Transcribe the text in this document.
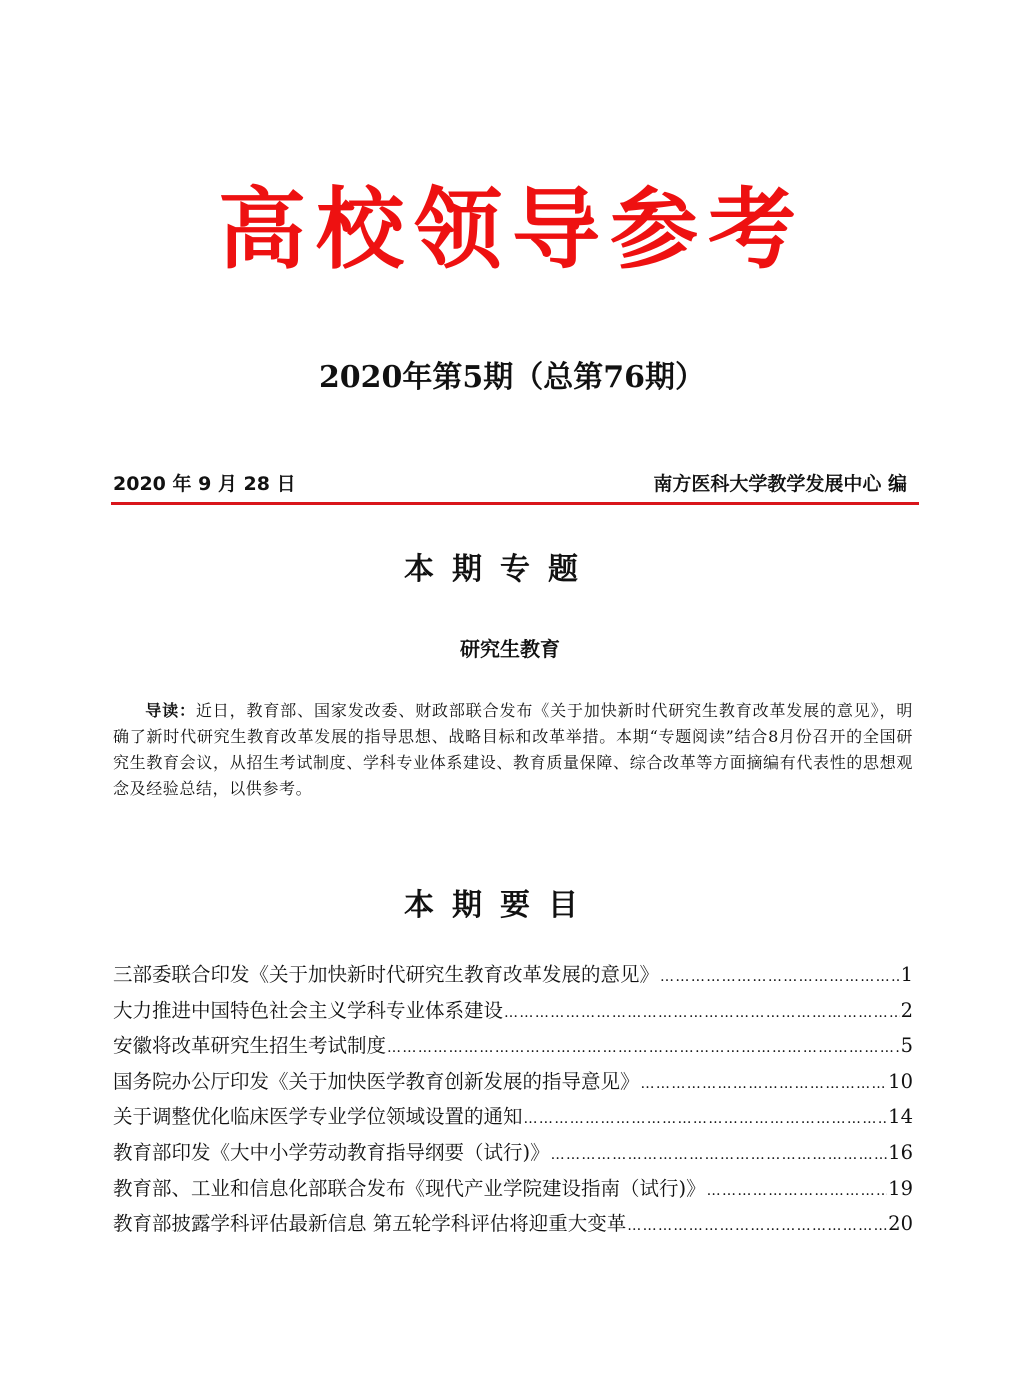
高校领导参考
2020年第5期（总第76期）
2020 年 9 月 28 日	南方医科大学教学发展中心 编
本期专题
研究生教育

导读：近日，教育部、国家发改委、财政部联合发布《关于加快新时代研究生教育改革发展的意见》，明确了新时代研究生教育改革发展的指导思想、战略目标和改革举措。本期“专题阅读”结合8月份召开的全国研究生教育会议，从招生考试制度、学科专业体系建设、教育质量保障、综合改革等方面摘编有代表性的思想观念及经验总结，以供参考。

本期要目
三部委联合印发《关于加快新时代研究生教育改革发展的意见》 ……………………………………………………………………………………………………………………………………	1
大力推进中国特色社会主义学科专业体系建设 ……………………………………………………………………………………………………………………………………	2
安徽将改革研究生招生考试制度 ……………………………………………………………………………………………………………………………………	5
国务院办公厅印发《关于加快医学教育创新发展的指导意见》 ……………………………………………………………………………………………………………………………………	10
关于调整优化临床医学专业学位领域设置的通知 ……………………………………………………………………………………………………………………………………	14
教育部印发《大中小学劳动教育指导纲要（试行)》 ……………………………………………………………………………………………………………………………………	16
教育部、工业和信息化部联合发布《现代产业学院建设指南（试行)》 ……………………………………………………………………………………………………………………………………	19
教育部披露学科评估最新信息 第五轮学科评估将迎重大变革 ……………………………………………………………………………………………………………………………………	20
